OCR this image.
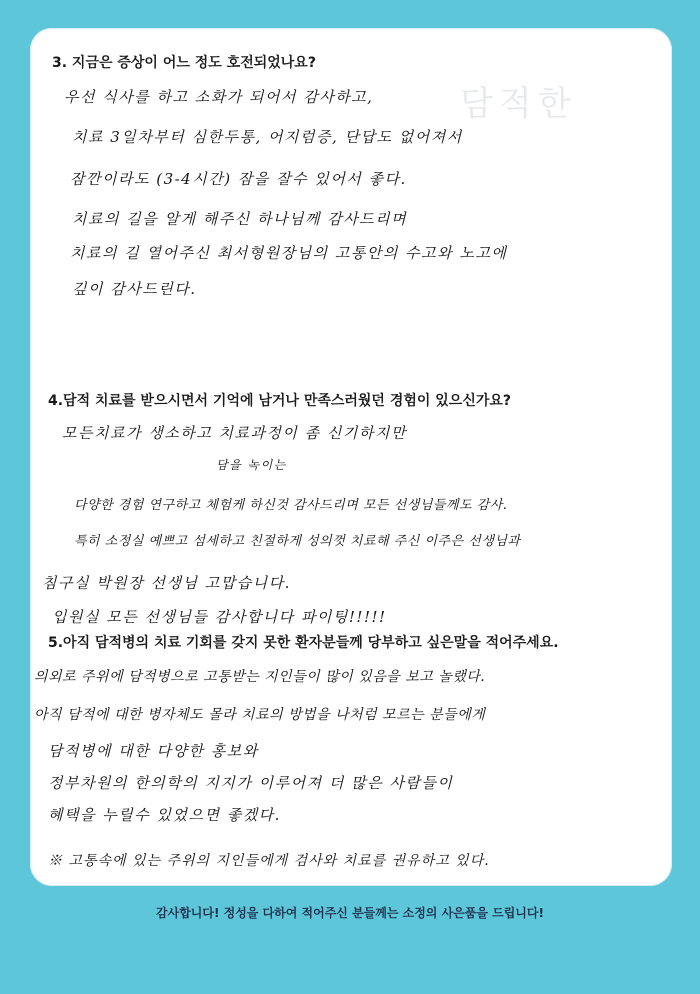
담적한
3. 지금은 증상이 어느 정도 호전되었나요?
우선 식사를 하고 소화가 되어서 감사하고,
치료 3일차부터 심한두통, 어지럼증, 단답도 없어져서
잠깐이라도 (3-4시간) 잠을 잘수 있어서 좋다.
치료의 길을 알게 해주신 하나님께 감사드리며
치료의 길 열어주신 최서형원장님의 고통안의 수고와 노고에
깊이 감사드린다.
4.담적 치료를 받으시면서 기억에 남거나 만족스러웠던 경험이 있으신가요?
모든치료가 생소하고 치료과정이 좀 신기하지만
담을 녹이는
다양한 경험 연구하고 체험케 하신것 감사드리며 모든 선생님들께도 감사.
특히 소정실 예쁘고 섬세하고 친절하게 성의껏 치료해 주신 이주은 선생님과
침구실 박원장 선생님 고맙습니다.
입원실 모든 선생님들 감사합니다 파이팅!!!!!
5.아직 담적병의 치료 기회를 갖지 못한 환자분들께 당부하고 싶은말을 적어주세요.
의외로 주위에 담적병으로 고통받는 지인들이 많이 있음을 보고 놀랬다.
아직 담적에 대한 병자체도 몰라 치료의 방법을 나처럼 모르는 분들에게
담적병에 대한 다양한 홍보와
정부차원의 한의학의 지지가 이루어져 더 많은 사람들이
혜택을 누릴수 있었으면 좋겠다.
※ 고통속에 있는 주위의 지인들에게 검사와 치료를 권유하고 있다.
감사합니다! 정성을 다하여 적어주신 분들께는 소정의 사은품을 드립니다!
